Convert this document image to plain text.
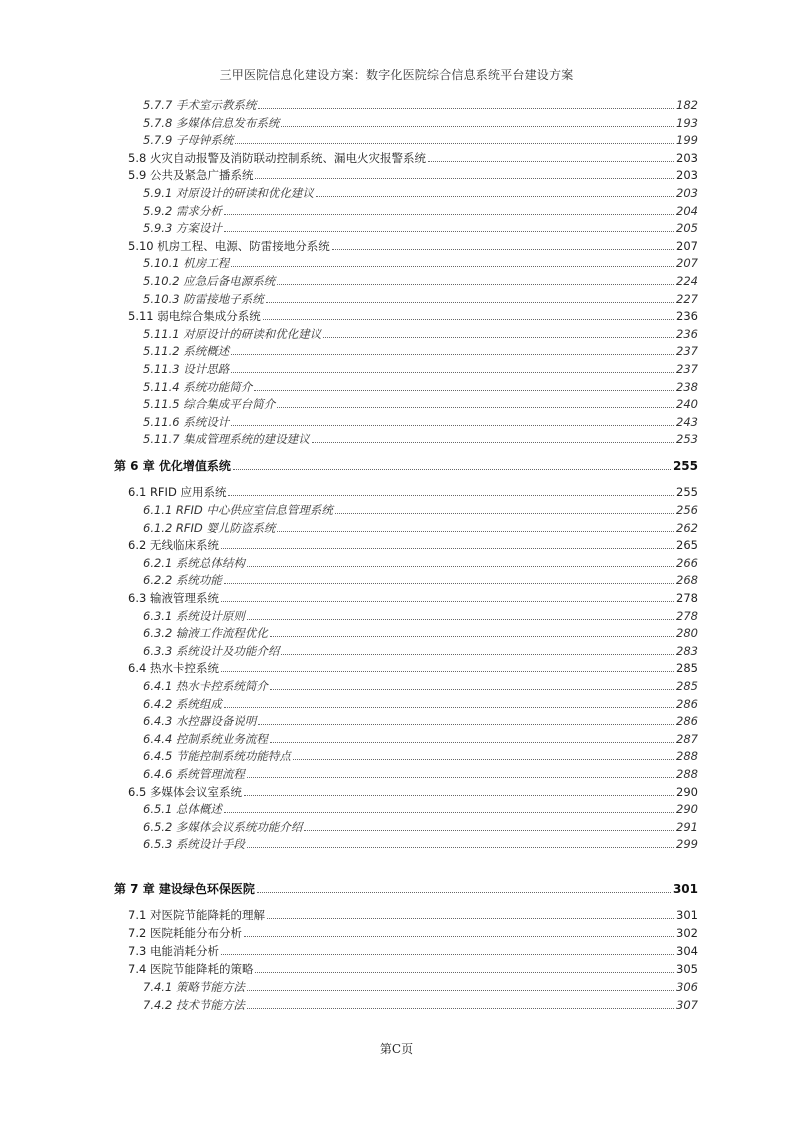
三甲医院信息化建设方案：数字化医院综合信息系统平台建设方案
5.7.7 手术室示教系统	182
5.7.8 多媒体信息发布系统	193
5.7.9 子母钟系统	199
5.8 火灾自动报警及消防联动控制系统、漏电火灾报警系统	203
5.9 公共及紧急广播系统	203
5.9.1 对原设计的研读和优化建议	203
5.9.2 需求分析	204
5.9.3 方案设计	205
5.10 机房工程、电源、防雷接地分系统	207
5.10.1 机房工程	207
5.10.2 应急后备电源系统	224
5.10.3 防雷接地子系统	227
5.11 弱电综合集成分系统	236
5.11.1 对原设计的研读和优化建议	236
5.11.2 系统概述	237
5.11.3 设计思路	237
5.11.4 系统功能简介	238
5.11.5 综合集成平台简介	240
5.11.6 系统设计	243
5.11.7 集成管理系统的建设建议	253
第 6 章 优化增值系统	255
6.1 RFID 应用系统	255
6.1.1 RFID 中心供应室信息管理系统	256
6.1.2 RFID 婴儿防盗系统	262
6.2 无线临床系统	265
6.2.1 系统总体结构	266
6.2.2 系统功能	268
6.3 输液管理系统	278
6.3.1 系统设计原则	278
6.3.2 输液工作流程优化	280
6.3.3 系统设计及功能介绍	283
6.4 热水卡控系统	285
6.4.1 热水卡控系统简介	285
6.4.2 系统组成	286
6.4.3 水控器设备说明	286
6.4.4 控制系统业务流程	287
6.4.5 节能控制系统功能特点	288
6.4.6 系统管理流程	288
6.5 多媒体会议室系统	290
6.5.1 总体概述	290
6.5.2 多媒体会议系统功能介绍	291
6.5.3 系统设计手段	299
第 7 章 建设绿色环保医院	301
7.1 对医院节能降耗的理解	301
7.2 医院耗能分布分析	302
7.3 电能消耗分析	304
7.4 医院节能降耗的策略	305
7.4.1 策略节能方法	306
7.4.2 技术节能方法	307
第C页
